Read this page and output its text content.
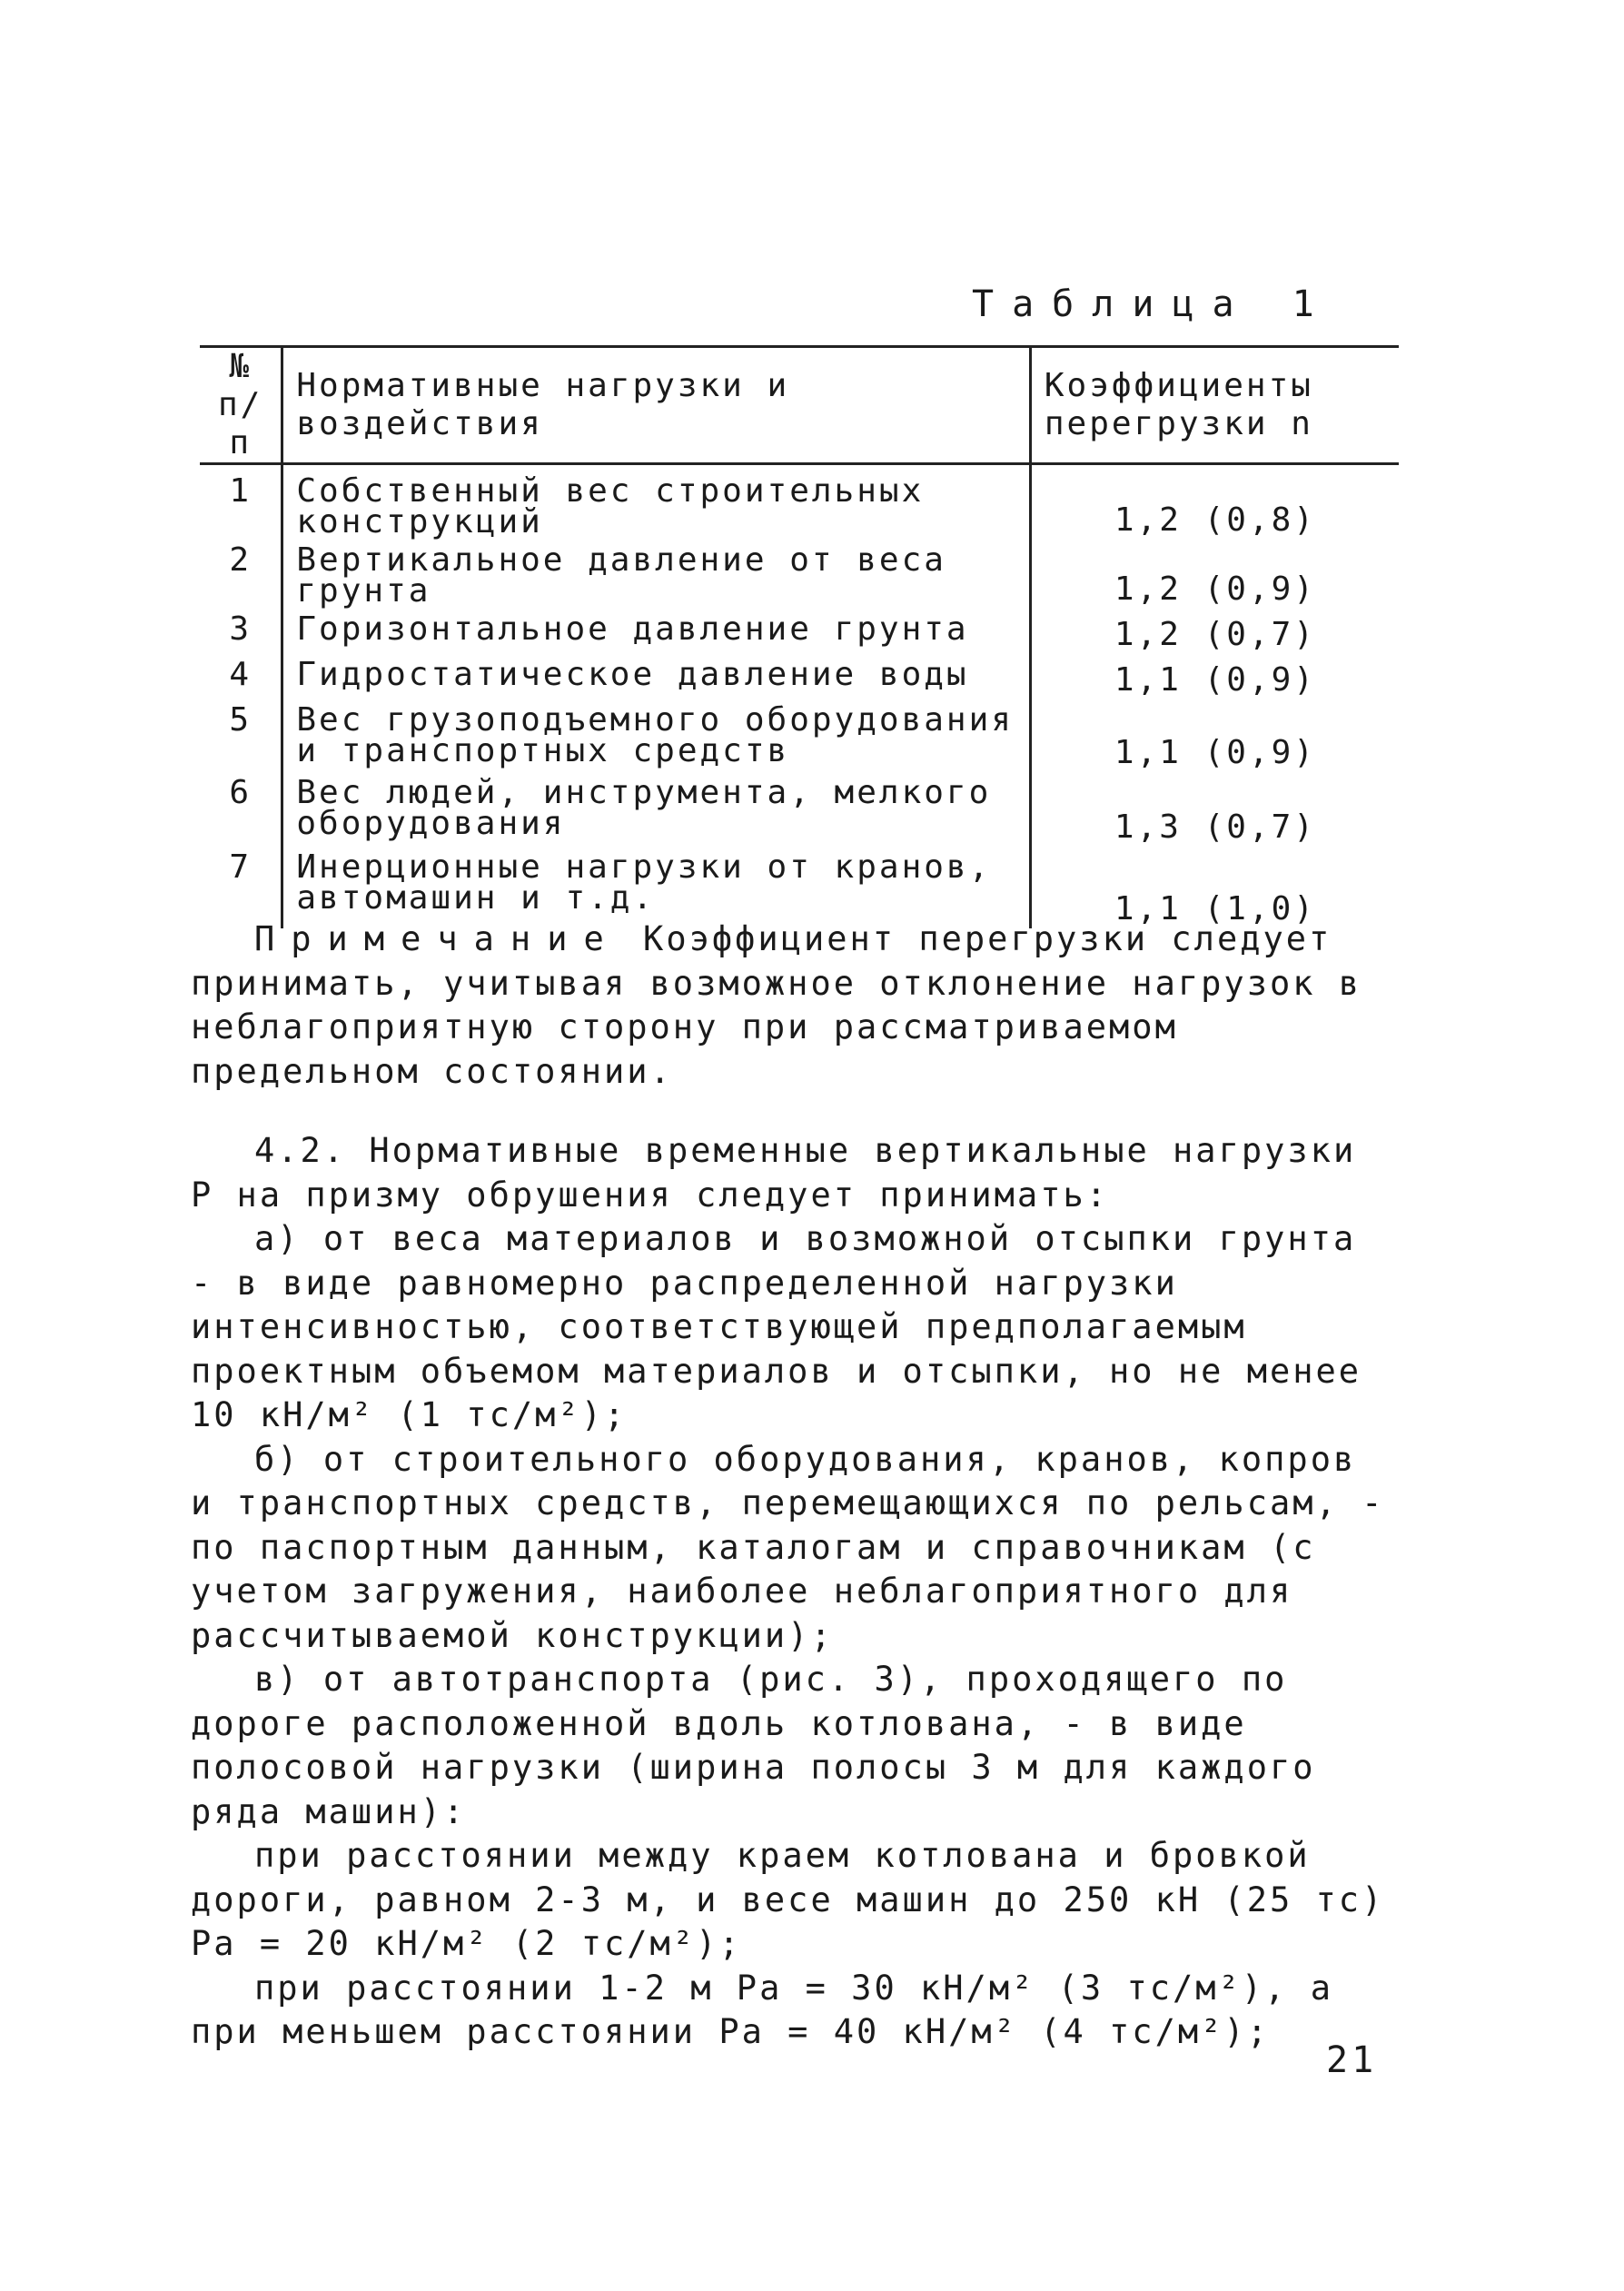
Таблица 1
№ п/п	Нормативные нагрузки и воздействия	Коэффициенты перегрузки n
1	Собственный вес строительных конструкций	1,2 (0,8)
2	Вертикальное давление от веса грунта	1,2 (0,9)
3	Горизонтальное давление грунта	1,2 (0,7)
4	Гидростатическое давление воды	1,1 (0,9)
5	Вес грузоподъемного оборудования и транспортных средств	1,1 (0,9)
6	Вес людей, инструмента, мелкого оборудования	1,3 (0,7)
7	Инерционные нагрузки от кранов, автомашин и т.д.	1,1 (1,0)

Примечание Коэффициент перегрузки следует принимать, учитывая возможное отклонение нагрузок в неблагоприятную сторону при рассматриваемом предельном состоянии.

4.2. Нормативные временные вертикальные нагрузки P на призму обрушения следует принимать:

а) от веса материалов и возможной отсыпки грунта - в виде равномерно распределенной нагрузки интенсивностью, соответствующей предполагаемым проектным объемом материалов и отсыпки, но не менее 10 кН/м² (1 тс/м²);

б) от строительного оборудования, кранов, копров и транспортных средств, перемещающихся по рельсам, - по паспортным данным, каталогам и справочникам (с учетом загружения, наиболее неблагоприятного для рассчитываемой конструкции);

в) от автотранспорта (рис. 3), проходящего по дороге расположенной вдоль котлована, - в виде полосовой нагрузки (ширина полосы 3 м для каждого ряда машин):

при расстоянии между краем котлована и бровкой дороги, равном 2-3 м, и весе машин до 250 кН (25 тс) Pa = 20 кН/м² (2 тс/м²);

при расстоянии 1-2 м Pa = 30 кН/м² (3 тс/м²), а при меньшем расстоянии Pa = 40 кН/м² (4 тс/м²);

21
